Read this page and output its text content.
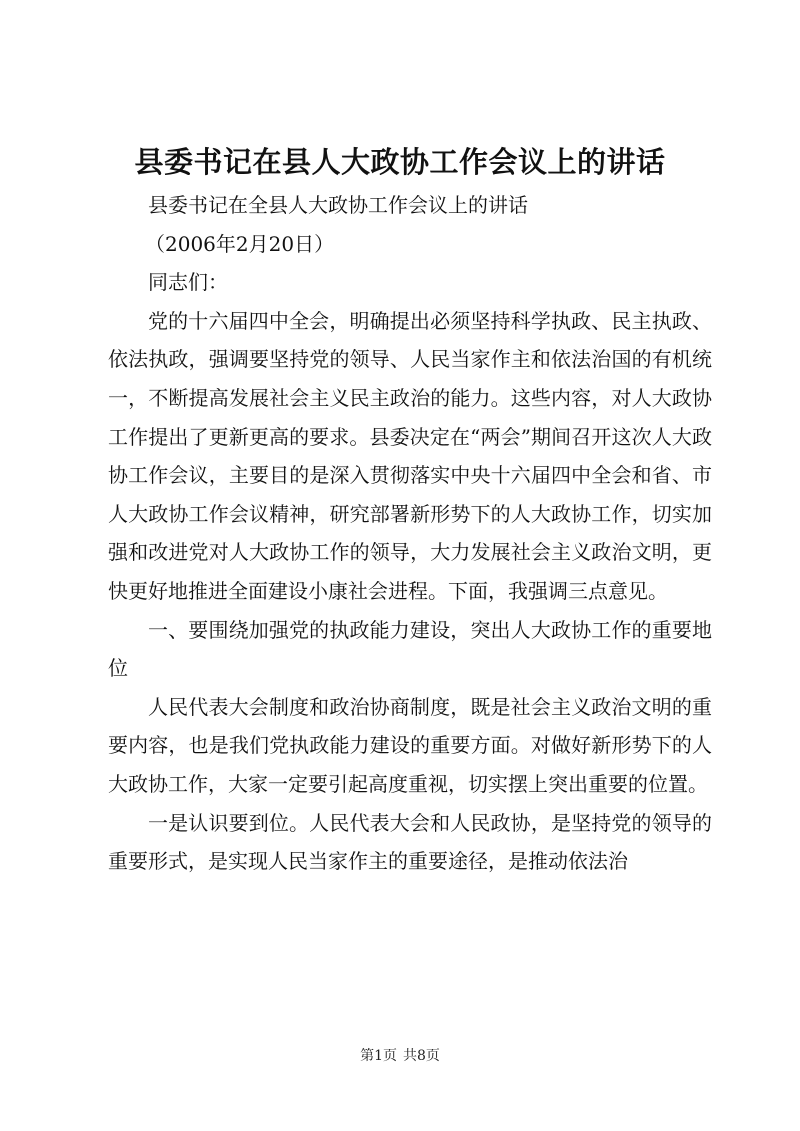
县委书记在县人大政协工作会议上的讲话

县委书记在全县人大政协工作会议上的讲话

（2006年2月20日）

同志们：

党的十六届四中全会，明确提出必须坚持科学执政、民主执政、依法执政，强调要坚持党的领导、人民当家作主和依法治国的有机统一，不断提高发展社会主义民主政治的能力。这些内容，对人大政协工作提出了更新更高的要求。县委决定在“两会”期间召开这次人大政协工作会议，主要目的是深入贯彻落实中央十六届四中全会和省、市人大政协工作会议精神，研究部署新形势下的人大政协工作，切实加强和改进党对人大政协工作的领导，大力发展社会主义政治文明，更快更好地推进全面建设小康社会进程。下面，我强调三点意见。

一、要围绕加强党的执政能力建设，突出人大政协工作的重要地位

人民代表大会制度和政治协商制度，既是社会主义政治文明的重要内容，也是我们党执政能力建设的重要方面。对做好新形势下的人大政协工作，大家一定要引起高度重视，切实摆上突出重要的位置。

一是认识要到位。人民代表大会和人民政协，是坚持党的领导的重要形式，是实现人民当家作主的重要途径，是推动依法治

第1页 共8页
